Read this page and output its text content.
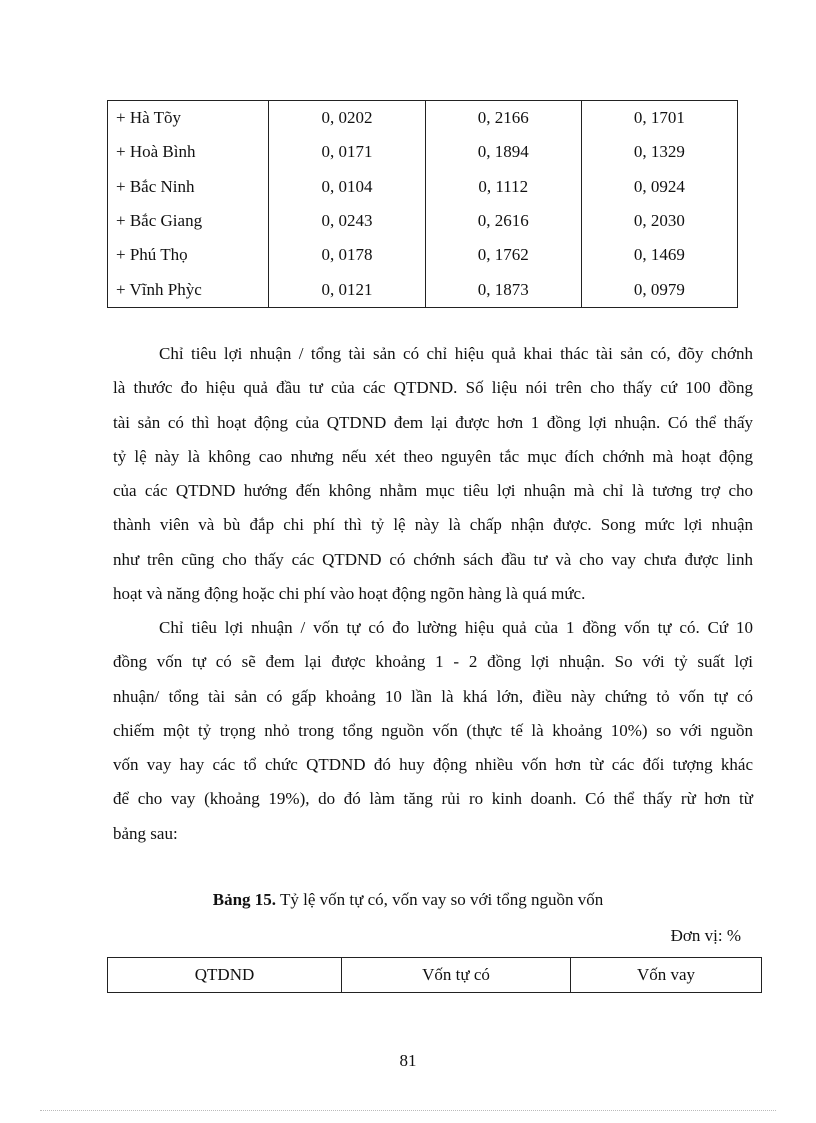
+ Hà Tõy	0, 0202	0, 2166	0, 1701
+ Hoà Bình	0, 0171	0, 1894	0, 1329
+ Bắc Ninh	0, 0104	0, 1112	0, 0924
+ Bắc Giang	0, 0243	0, 2616	0, 2030
+ Phú Thọ	0, 0178	0, 1762	0, 1469
+ Vĩnh Phỳc	0, 0121	0, 1873	0, 0979
Chỉ tiêu lợi nhuận / tổng tài sản có chỉ hiệu quả khai thác tài sản có, đõy chớnh
là thước đo hiệu quả đầu tư của các QTDND. Số liệu nói trên cho thấy cứ 100 đồng
tài sản có thì hoạt động của QTDND đem lại được hơn 1 đồng lợi nhuận. Có thể thấy
tỷ lệ này là không cao nhưng nếu xét theo nguyên tắc mục đích chớnh mà hoạt động
của các QTDND hướng đến không nhằm mục tiêu lợi nhuận mà chỉ là tương trợ cho
thành viên và bù đắp chi phí thì tỷ lệ này là chấp nhận được. Song mức lợi nhuận
như trên cũng cho thấy các QTDND có chớnh sách đầu tư và cho vay chưa được linh
hoạt và năng động hoặc chi phí vào hoạt động ngõn hàng là quá mức.
Chỉ tiêu lợi nhuận / vốn tự có đo lường hiệu quả của 1 đồng vốn tự có. Cứ 10
đồng vốn tự có sẽ đem lại được khoảng 1 - 2 đồng lợi nhuận. So với tỷ suất lợi
nhuận/ tổng tài sản có gấp khoảng 10 lần là khá lớn, điều này chứng tỏ vốn tự có
chiếm một tỷ trọng nhỏ trong tổng nguồn vốn (thực tế là khoảng 10%) so với nguồn
vốn vay hay các tổ chức QTDND đó huy động nhiều vốn hơn từ các đối tượng khác
để cho vay (khoảng 19%), do đó làm tăng rủi ro kinh doanh. Có thể thấy rừ hơn từ
bảng sau:
Bảng 15. Tỷ lệ vốn tự có, vốn vay so với tổng nguồn vốn
Đơn vị: %
QTDND	Vốn tự có	Vốn vay
81
